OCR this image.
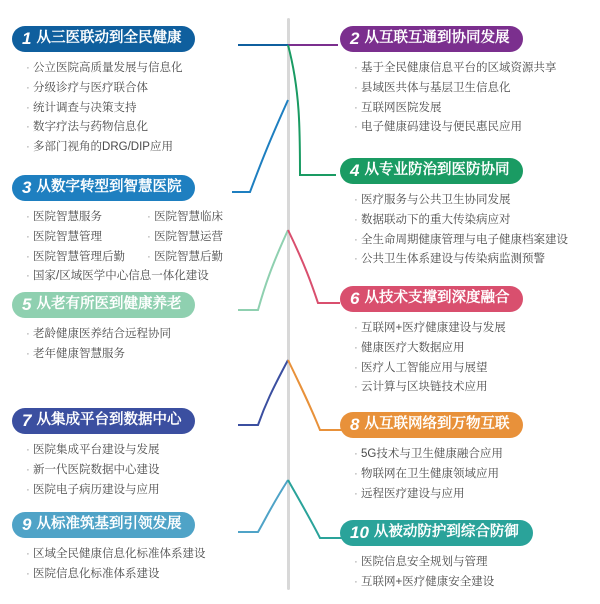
1 从三医联动到全民健康
· 公立医院高质量发展与信息化
· 分级诊疗与医疗联合体
· 统计调查与决策支持
· 数字疗法与药物信息化
· 多部门视角的DRG/DIP应用
2 从互联互通到协同发展
· 基于全民健康信息平台的区域资源共享
· 县域医共体与基层卫生信息化
· 互联网医院发展
· 电子健康码建设与便民惠民应用
3 从数字转型到智慧医院
· 医院智慧服务	· 医院智慧临床
· 医院智慧管理	· 医院智慧运营
· 医院智慧管理后勤	· 医院智慧后勤
· 国家/区域医学中心信息一体化建设
4 从专业防治到医防协同
· 医疗服务与公共卫生协同发展
· 数据联动下的重大传染病应对
· 全生命周期健康管理与电子健康档案建设
· 公共卫生体系建设与传染病监测预警
5 从老有所医到健康养老
· 老龄健康医养结合远程协同
· 老年健康智慧服务
6 从技术支撑到深度融合
· 互联网+医疗健康建设与发展
· 健康医疗大数据应用
· 医疗人工智能应用与展望
· 云计算与区块链技术应用
7 从集成平台到数据中心
· 医院集成平台建设与发展
· 新一代医院数据中心建设
· 医院电子病历建设与应用
8 从互联网络到万物互联
· 5G技术与卫生健康融合应用
· 物联网在卫生健康领域应用
· 远程医疗建设与应用
9 从标准筑基到引领发展
· 区域全民健康信息化标准体系建设
· 医院信息化标准体系建设
10 从被动防护到综合防御
· 医院信息安全规划与管理
· 互联网+医疗健康安全建设
